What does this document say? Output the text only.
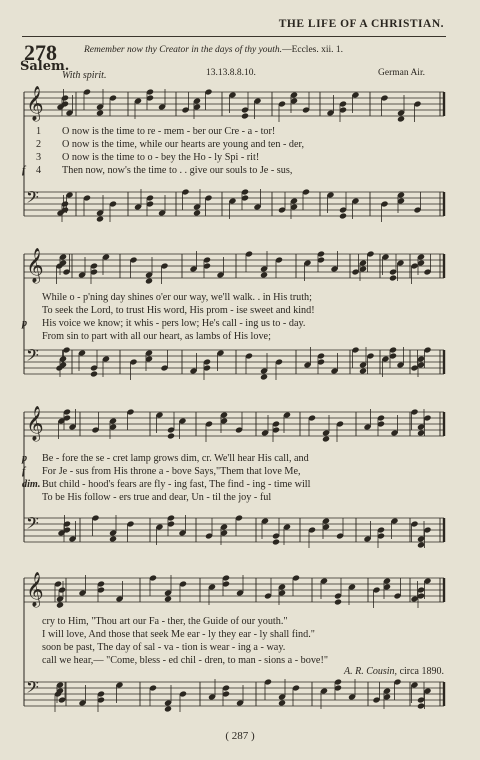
THE LIFE OF A CHRISTIAN.
278	Remember now thy Creator in the days of thy youth.—Eccles. xii. 1.
Salem.
With spirit.	13.13.8.8.10.	German Air.
𝄞
𝄢
𝄞
𝄢
𝄞
𝄢
𝄞
𝄢
1 O now is the time to re - mem - ber our Cre - a - tor!
2 O now is the time, while our hearts are young and ten - der,
3 O now is the time to o - bey the Ho - ly Spi - rit!
f 4 Then now, now's the time to . . give our souls to Je - sus,
While o - p'ning day shines o'er our way, we'll walk. . in His truth;
To seek the Lord, to trust His word, His prom - ise sweet and kind!
p His voice we know; it whis - pers low; He's call - ing us to - day.
From sin to part with all our heart, as lambs of His love;
p Be - fore the se - cret lamp grows dim, cr. We'll hear His call, and
f For Je - sus from His throne a - bove Says,"Them that love Me,
dim. But child - hood's fears are fly - ing fast, The find - ing - time will
To be His follow - ers true and dear, Un - til the joy - ful
cry to Him, "Thou art our Fa - ther, the Guide of our youth."
I will love, And those that seek Me ear - ly they ear - ly shall find."
soon be past, The day of sal - va - tion is wear - ing a - way.
call we hear,— "Come, bless - ed chil - dren, to man - sions a - bove!"
A. R. Cousin, circa 1890.
( 287 )
